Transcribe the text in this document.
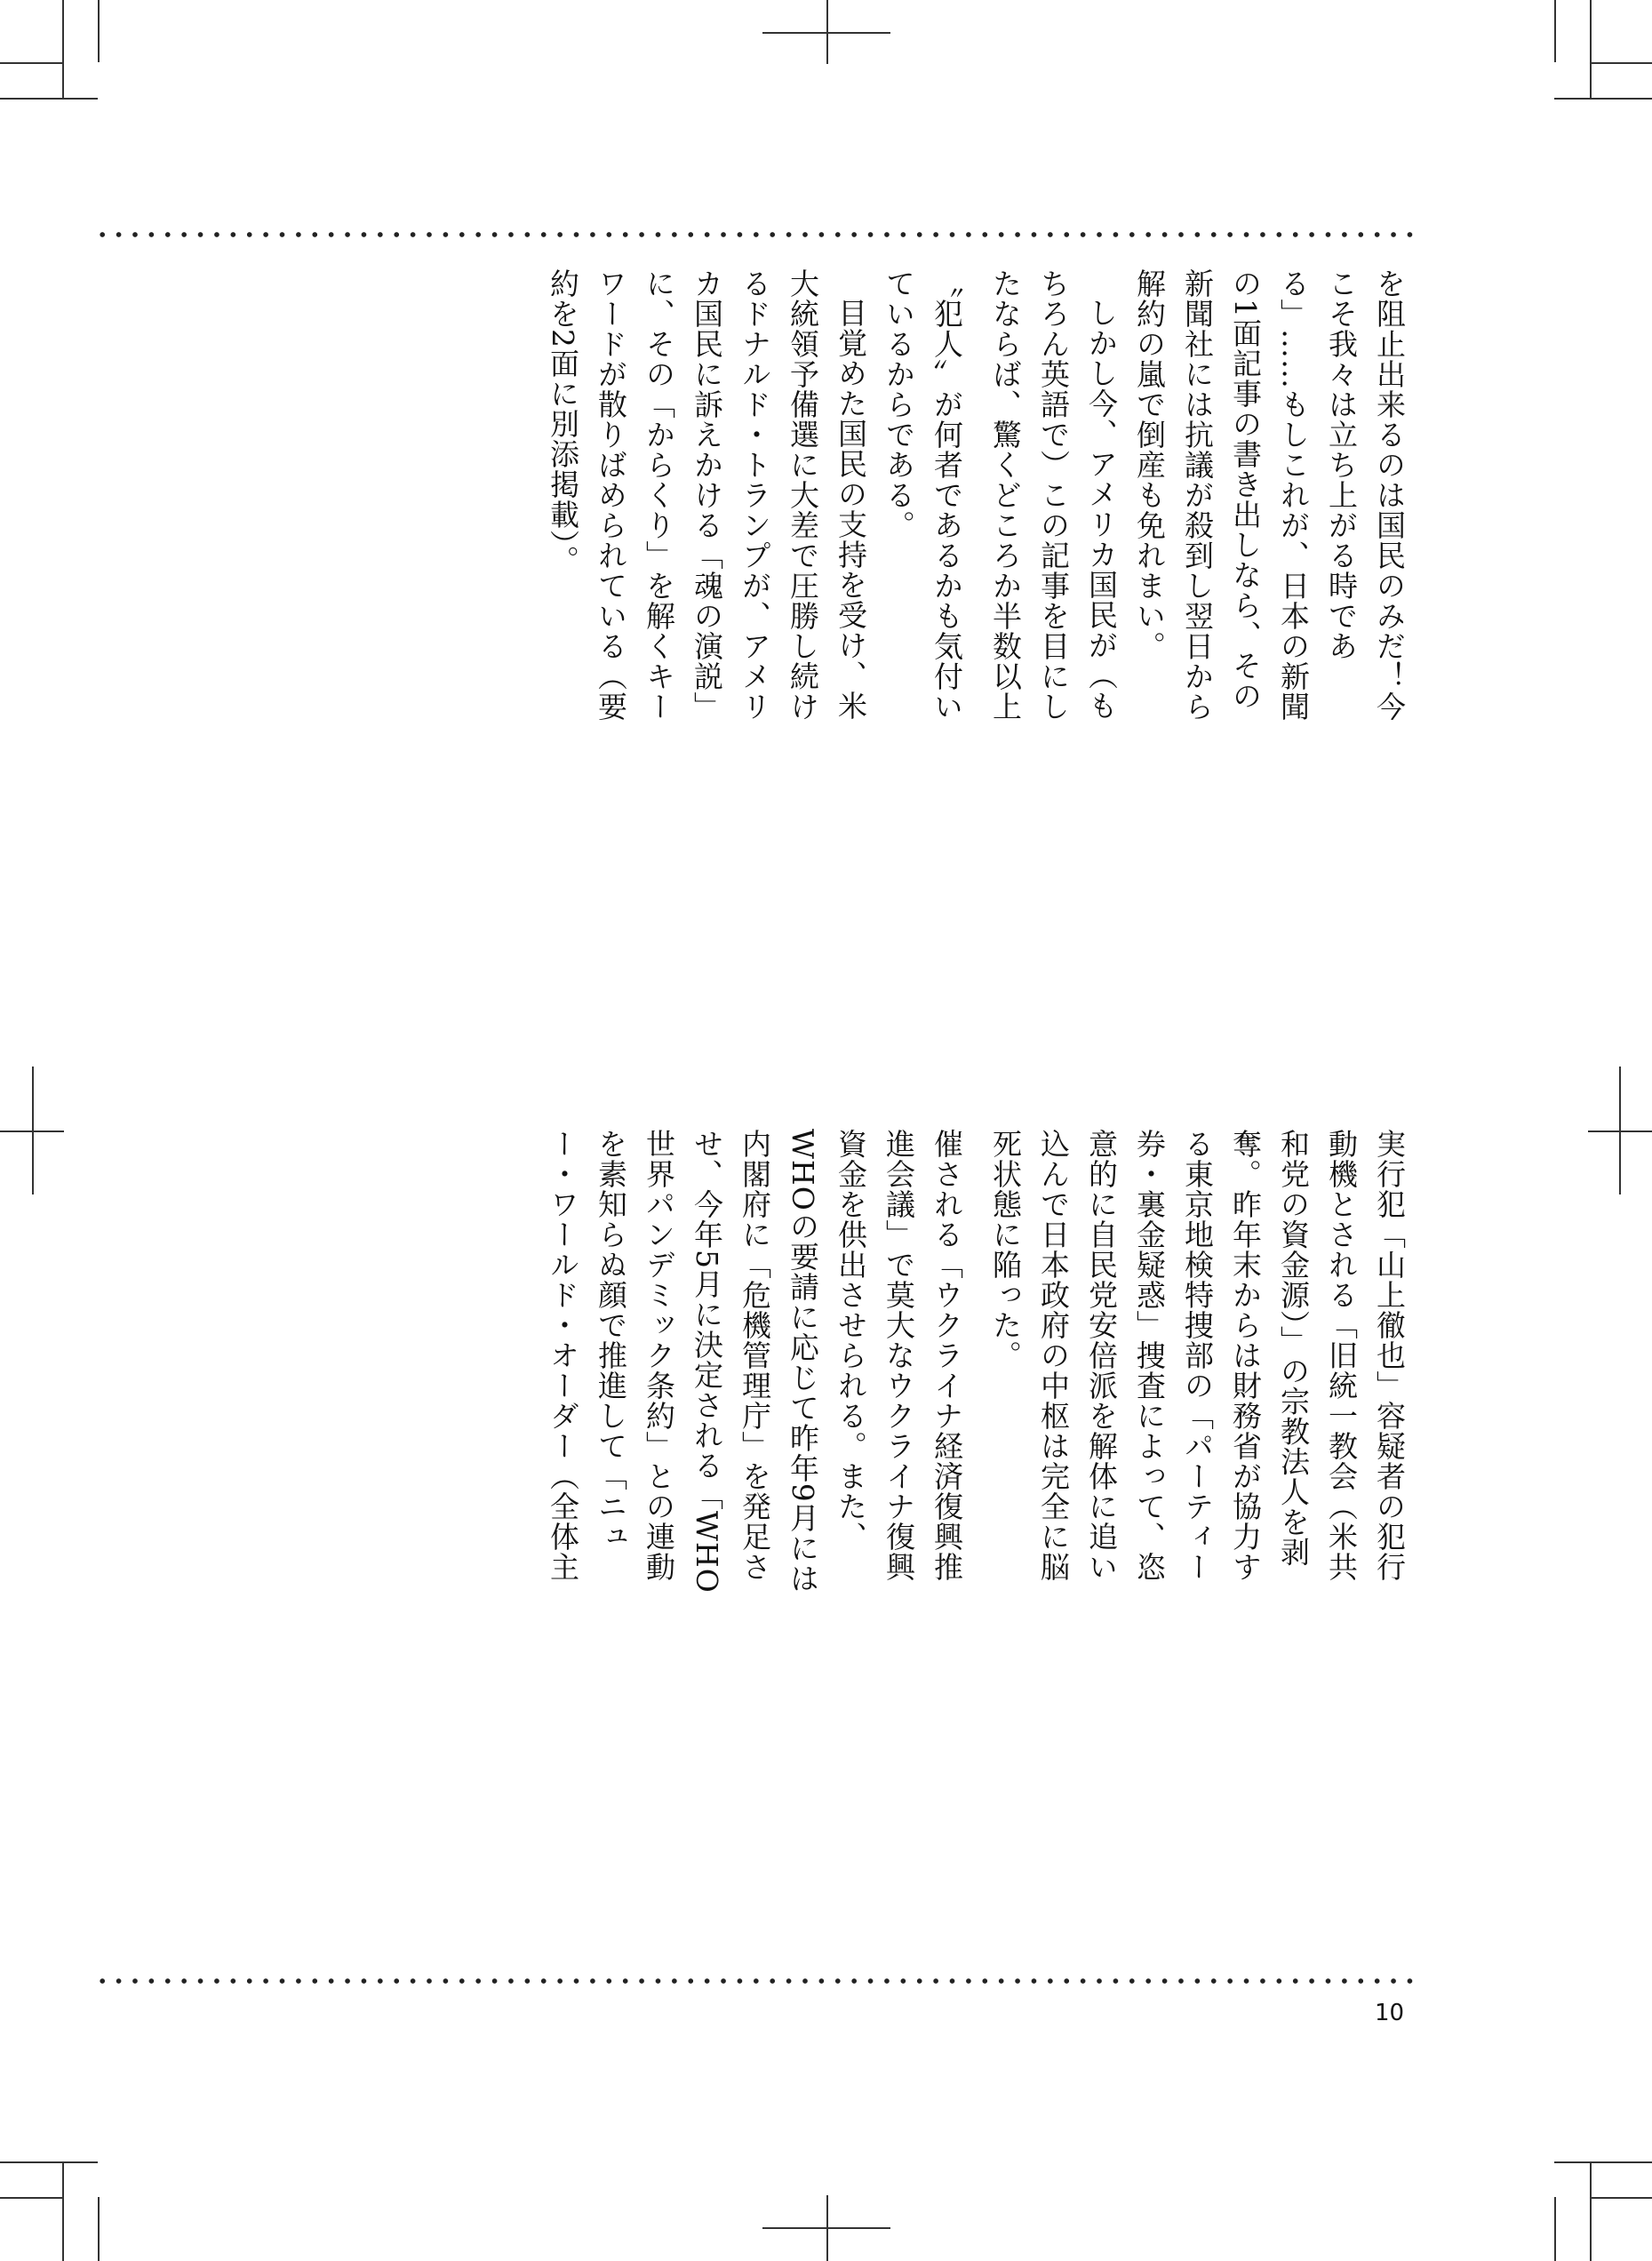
を阻止出来るのは国民のみだ！今こそ我々は立ち上がる時である」……もしこれが、日本の新聞の1面記事の書き出しなら、その新聞社には抗議が殺到し翌日から解約の嵐で倒産も免れまい。

しかし今、アメリカ国民が（もちろん英語で）この記事を目にしたならば、驚くどころか半数以上

〝犯人〟が何者であるかも気付いているからである。

目覚めた国民の支持を受け、米大統領予備選に大差で圧勝し続けるドナルド・トランプが、アメリカ国民に訴えかける「魂の演説」に、その「からくり」を解くキーワードが散りばめられている（要約を2面に別添掲載）。

実行犯「山上徹也」容疑者の犯行動機とされる「旧統一教会（米共和党の資金源）」の宗教法人を剥奪。昨年末からは財務省が協力する東京地検特捜部の「パーティー券・裏金疑惑」捜査によって、恣意的に自民党安倍派を解体に追い込んで日本政府の中枢は完全に脳死状態に陥った。

催される「ウクライナ経済復興推進会議」で莫大なウクライナ復興資金を供出させられる。また、WHOの要請に応じて昨年9月には内閣府に「危機管理庁」を発足させ、今年5月に決定される「WHO世界パンデミック条約」との連動を素知らぬ顔で推進して「ニュー・ワールド・オーダー（全体主

10
